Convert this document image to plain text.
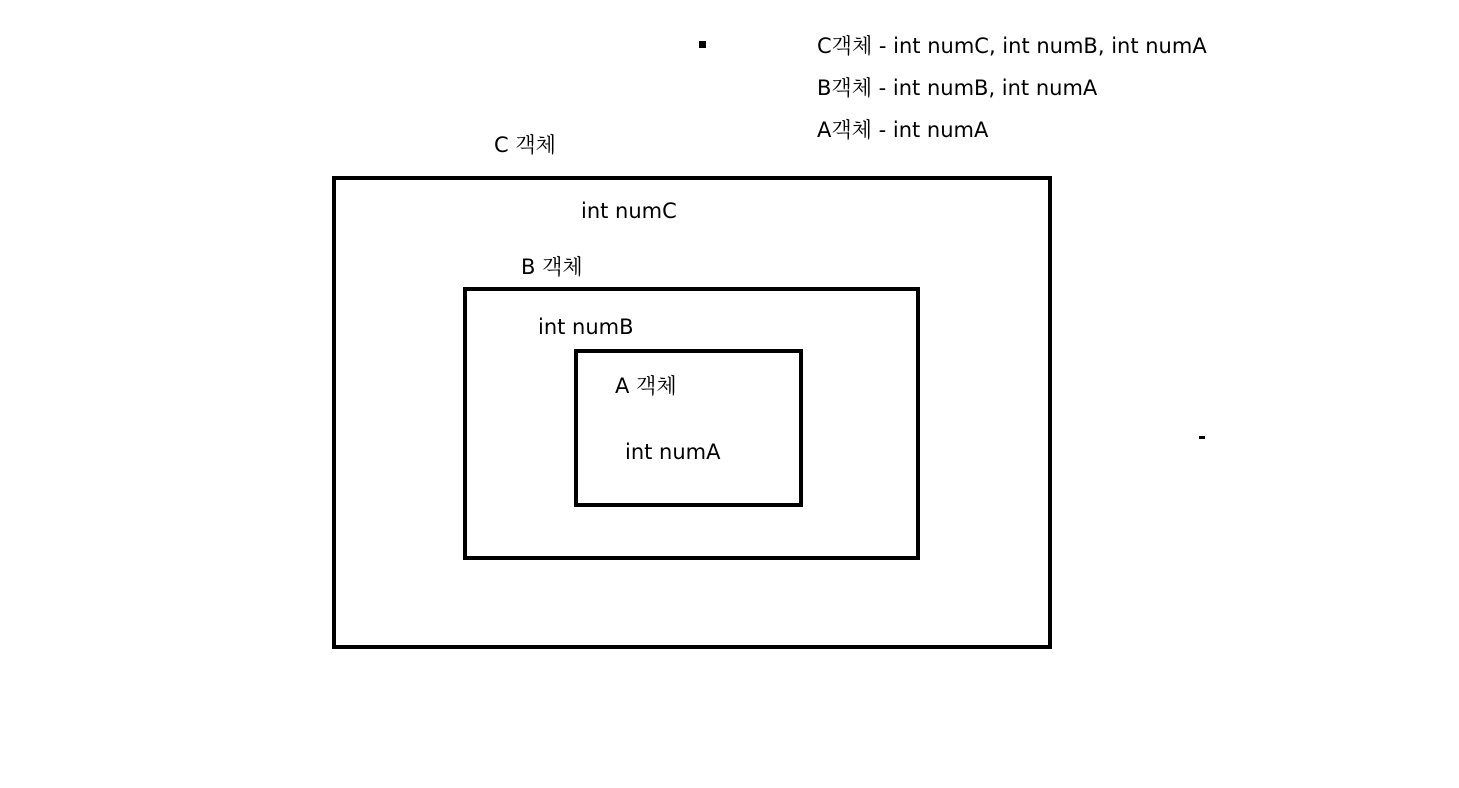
C객체 - int numC, int numB, int numA
B객체 - int numB, int numA
A객체 - int numA
C 객체
int numC
B 객체
int numB
A 객체
int numA
